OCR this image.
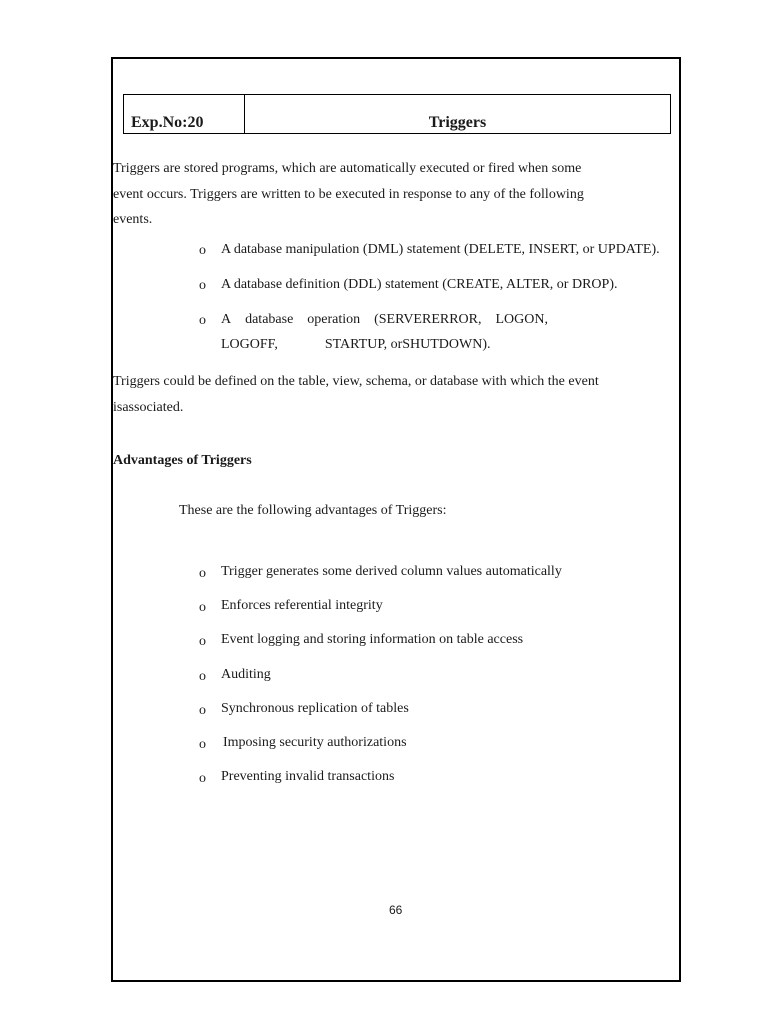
Exp.No:20	Triggers
Triggers are stored programs, which are automatically executed or fired when some
event occurs. Triggers are written to be executed in response to any of the following
events.
o A database manipulation (DML) statement (DELETE, INSERT, or UPDATE).
o A database definition (DDL) statement (CREATE, ALTER, or DROP).
o A database operation (SERVERERROR, LOGON,
LOGOFF,	STARTUP, orSHUTDOWN).
Triggers could be defined on the table, view, schema, or database with which the event
isassociated.
Advantages of Triggers
These are the following advantages of Triggers:
o Trigger generates some derived column values automatically
o Enforces referential integrity
o Event logging and storing information on table access
o Auditing
o Synchronous replication of tables
o Imposing security authorizations
o Preventing invalid transactions
66
